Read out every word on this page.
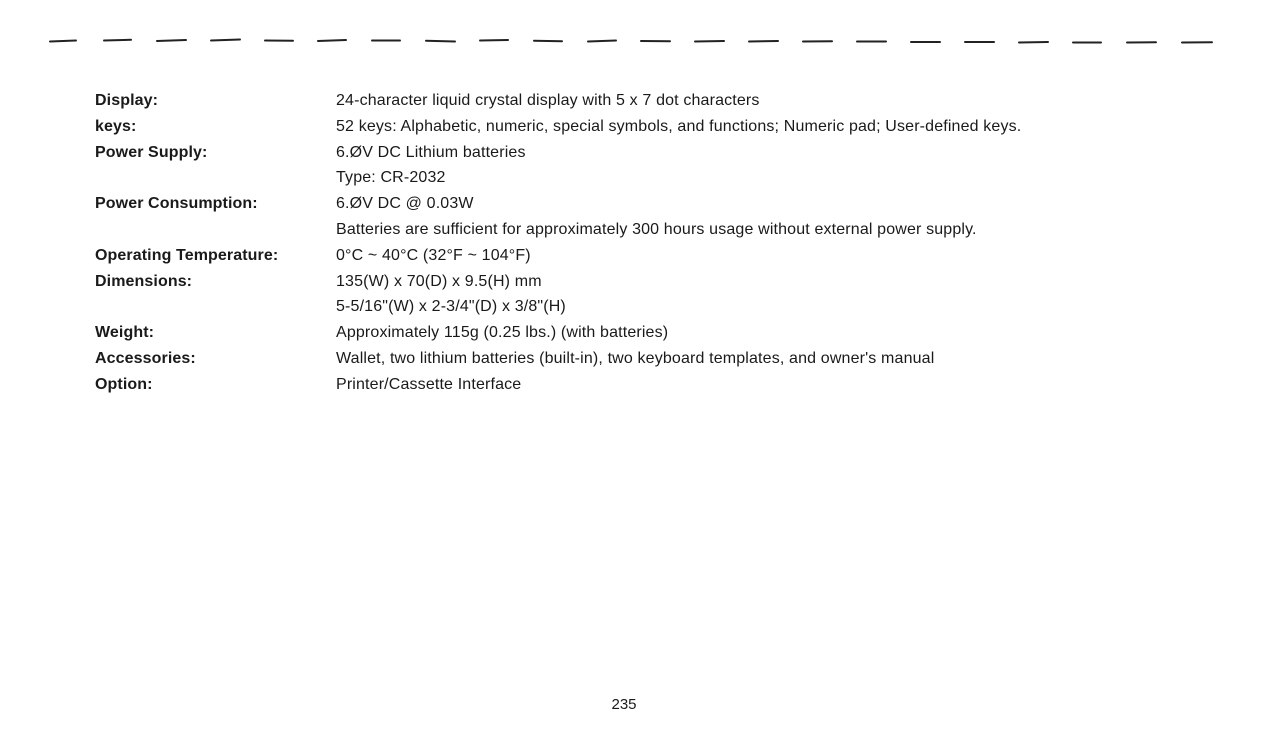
Display:	24-character liquid crystal display with 5 x 7 dot characters
keys:	52 keys: Alphabetic, numeric, special symbols, and functions; Numeric pad; User-defined keys.
Power Supply:	6.ØV DC Lithium batteries
Type: CR-2032
Power Consumption:	6.ØV DC @ 0.03W
Batteries are sufficient for approximately 300 hours usage without external power supply.
Operating Temperature:	0°C ~ 40°C (32°F ~ 104°F)
Dimensions:	135(W) x 70(D) x 9.5(H) mm
5-5/16"(W) x 2-3/4"(D) x 3/8"(H)
Weight:	Approximately 115g (0.25 lbs.) (with batteries)
Accessories:	Wallet, two lithium batteries (built-in), two keyboard templates, and owner's manual
Option:	Printer/Cassette Interface
235
